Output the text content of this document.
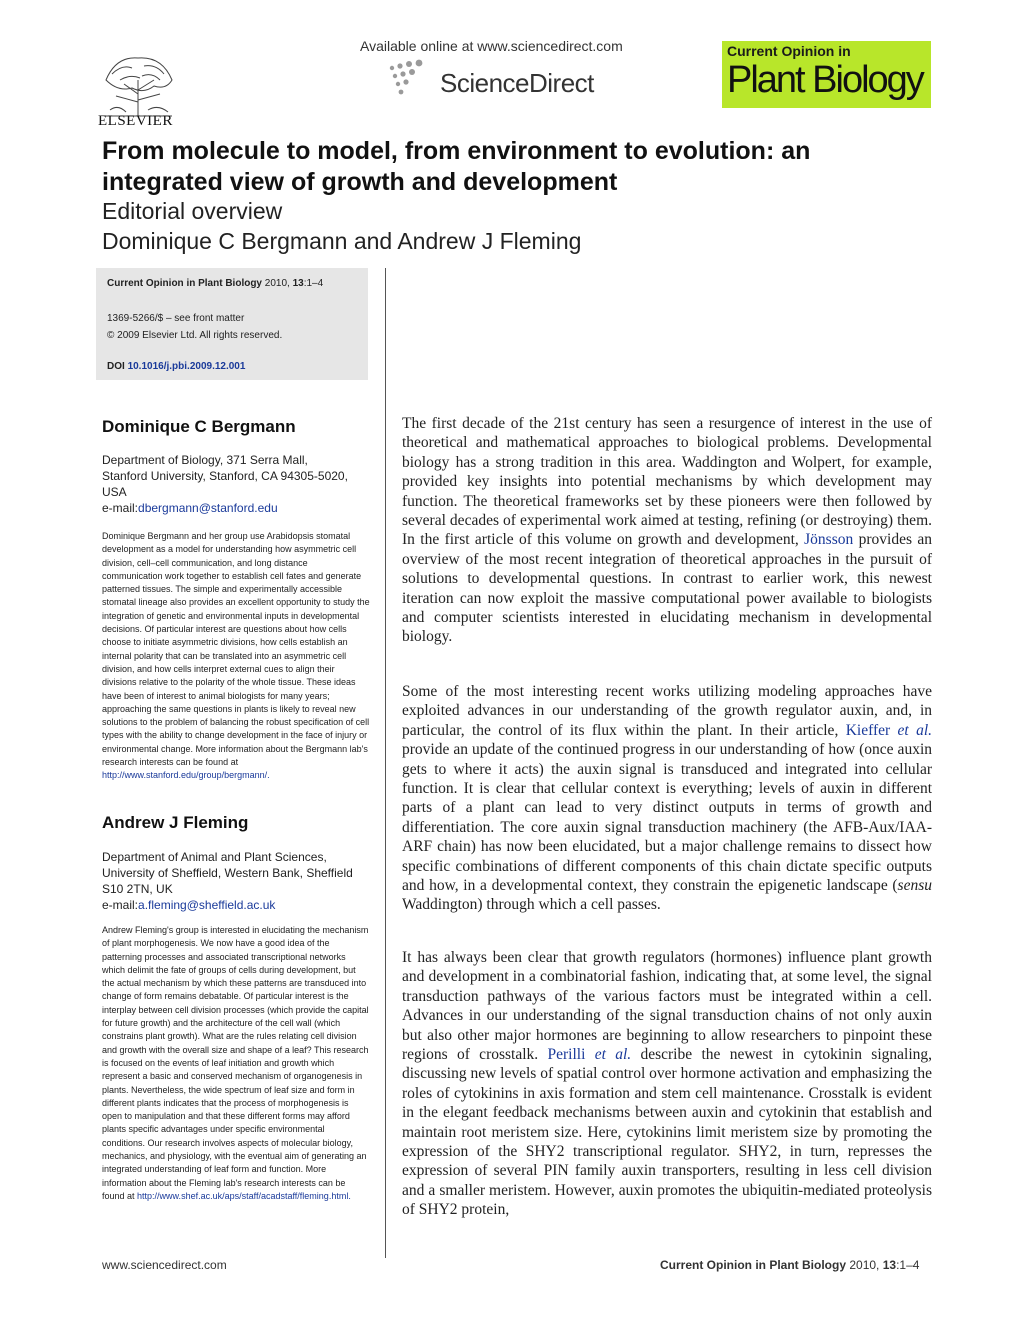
ELSEVIER
Available online at www.sciencedirect.com
ScienceDirect
Current Opinion in
Plant Biology
From molecule to model, from environment to evolution: an integrated view of growth and development
Editorial overview
Dominique C Bergmann and Andrew J Fleming
Current Opinion in Plant Biology 2010, 13:1–4
1369-5266/$ – see front matter
© 2009 Elsevier Ltd. All rights reserved.
DOI 10.1016/j.pbi.2009.12.001
Dominique C Bergmann
Department of Biology, 371 Serra Mall, Stanford University, Stanford, CA 94305-5020, USA
e-mail:dbergmann@stanford.edu
Dominique Bergmann and her group use Arabidopsis stomatal development as a model for understanding how asymmetric cell division, cell–cell communication, and long distance communication work together to establish cell fates and generate patterned tissues. The simple and experimentally accessible stomatal lineage also provides an excellent opportunity to study the integration of genetic and environmental inputs in developmental decisions. Of particular interest are questions about how cells choose to initiate asymmetric divisions, how cells establish an internal polarity that can be translated into an asymmetric cell division, and how cells interpret external cues to align their divisions relative to the polarity of the whole tissue. These ideas have been of interest to animal biologists for many years; approaching the same questions in plants is likely to reveal new solutions to the problem of balancing the robust specification of cell types with the ability to change development in the face of injury or environmental change. More information about the Bergmann lab's research interests can be found at http://www.stanford.edu/group/bergmann/.
Andrew J Fleming
Department of Animal and Plant Sciences, University of Sheffield, Western Bank, Sheffield S10 2TN, UK
e-mail:a.fleming@sheffield.ac.uk
Andrew Fleming's group is interested in elucidating the mechanism of plant morphogenesis. We now have a good idea of the patterning processes and associated transcriptional networks which delimit the fate of groups of cells during development, but the actual mechanism by which these patterns are transduced into change of form remains debatable. Of particular interest is the interplay between cell division processes (which provide the capital for future growth) and the architecture of the cell wall (which constrains plant growth). What are the rules relating cell division and growth with the overall size and shape of a leaf? This research is focused on the events of leaf initiation and growth which represent a basic and conserved mechanism of organogenesis in plants. Nevertheless, the wide spectrum of leaf size and form in different plants indicates that the process of morphogenesis is open to manipulation and that these different forms may afford plants specific advantages under specific environmental conditions. Our research involves aspects of molecular biology, mechanics, and physiology, with the eventual aim of generating an integrated understanding of leaf form and function. More information about the Fleming lab's research interests can be found at http://www.shef.ac.uk/aps/staff/acadstaff/fleming.html.
The first decade of the 21st century has seen a resurgence of interest in the use of theoretical and mathematical approaches to biological problems. Developmental biology has a strong tradition in this area. Waddington and Wolpert, for example, provided key insights into potential mechanisms by which development may function. The theoretical frameworks set by these pioneers were then followed by several decades of experimental work aimed at testing, refining (or destroying) them. In the first article of this volume on growth and development, Jönsson provides an overview of the most recent integration of theoretical approaches in the pursuit of solutions to developmental questions. In contrast to earlier work, this newest iteration can now exploit the massive computational power available to biologists and computer scientists interested in elucidating mechanism in developmental biology.
Some of the most interesting recent works utilizing modeling approaches have exploited advances in our understanding of the growth regulator auxin, and, in particular, the control of its flux within the plant. In their article, Kieffer et al. provide an update of the continued progress in our understanding of how (once auxin gets to where it acts) the auxin signal is transduced and integrated into cellular function. It is clear that cellular context is everything; levels of auxin in different parts of a plant can lead to very distinct outputs in terms of growth and differentiation. The core auxin signal transduction machinery (the AFB-Aux/IAA-ARF chain) has now been elucidated, but a major challenge remains to dissect how specific combinations of different components of this chain dictate specific outputs and how, in a developmental context, they constrain the epigenetic landscape (sensu Waddington) through which a cell passes.
It has always been clear that growth regulators (hormones) influence plant growth and development in a combinatorial fashion, indicating that, at some level, the signal transduction pathways of the various factors must be integrated within a cell. Advances in our understanding of the signal transduction chains of not only auxin but also other major hormones are beginning to allow researchers to pinpoint these regions of crosstalk. Perilli et al. describe the newest in cytokinin signaling, discussing new levels of spatial control over hormone activation and emphasizing the roles of cytokinins in axis formation and stem cell maintenance. Crosstalk is evident in the elegant feedback mechanisms between auxin and cytokinin that establish and maintain root meristem size. Here, cytokinins limit meristem size by promoting the expression of the SHY2 transcriptional regulator. SHY2, in turn, represses the expression of several PIN family auxin transporters, resulting in less cell division and a smaller meristem. However, auxin promotes the ubiquitin-mediated proteolysis of SHY2 protein,
www.sciencedirect.com	Current Opinion in Plant Biology 2010, 13:1–4
